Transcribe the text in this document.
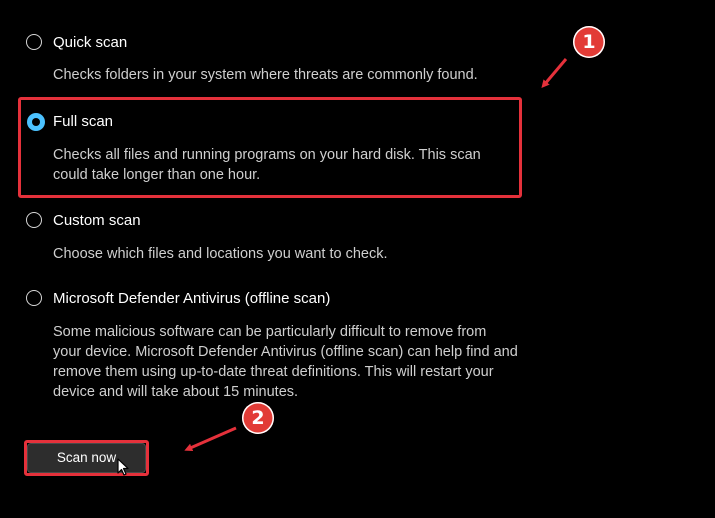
Quick scan
Checks folders in your system where threats are commonly found.
Full scan
Checks all files and running programs on your hard disk. This scan could take longer than one hour.
Custom scan
Choose which files and locations you want to check.
Microsoft Defender Antivirus (offline scan)
Some malicious software can be particularly difficult to remove from your device. Microsoft Defender Antivirus (offline scan) can help find and remove them using up-to-date threat definitions. This will restart your device and will take about 15 minutes.
Scan now
1
2
